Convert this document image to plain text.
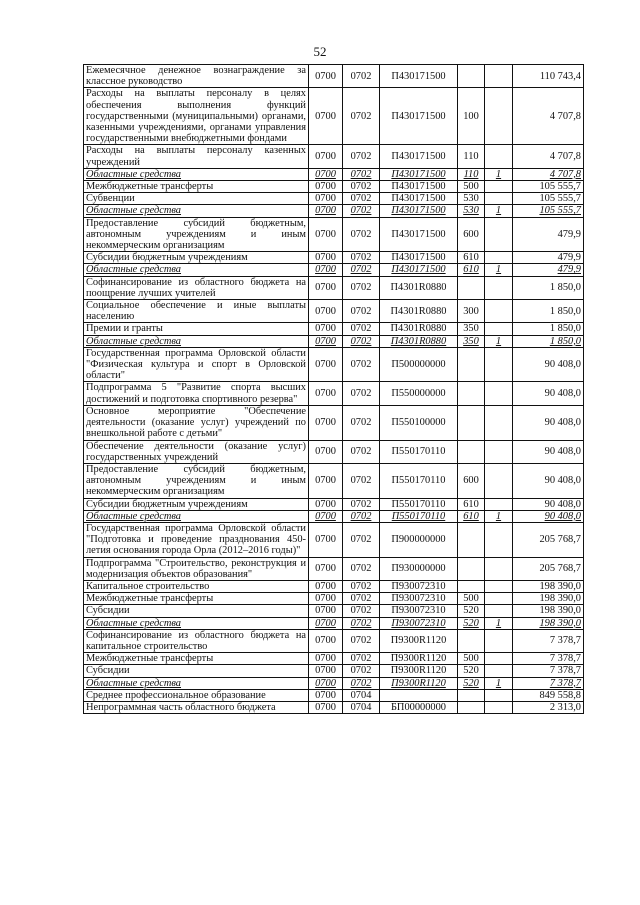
52
Ежемесячное денежное вознаграждение за классное руководство	0700	0702	П430171500			110 743,4
Расходы на выплаты персоналу в целях обеспечения выполнения функций государственными (муниципальными) органами, казенными учреждениями, органами управления государственными внебюджетными фондами	0700	0702	П430171500	100		4 707,8
Расходы на выплаты персоналу казенных учреждений	0700	0702	П430171500	110		4 707,8
Областные средства	0700	0702	П430171500	110	1	4 707,8
Межбюджетные трансферты	0700	0702	П430171500	500		105 555,7
Субвенции	0700	0702	П430171500	530		105 555,7
Областные средства	0700	0702	П430171500	530	1	105 555,7
Предоставление субсидий бюджетным, автономным учреждениям и иным некоммерческим организациям	0700	0702	П430171500	600		479,9
Субсидии бюджетным учреждениям	0700	0702	П430171500	610		479,9
Областные средства	0700	0702	П430171500	610	1	479,9
Софинансирование из областного бюджета на поощрение лучших учителей	0700	0702	П4301R0880			1 850,0
Социальное обеспечение и иные выплаты населению	0700	0702	П4301R0880	300		1 850,0
Премии и гранты	0700	0702	П4301R0880	350		1 850,0
Областные средства	0700	0702	П4301R0880	350	1	1 850,0
Государственная программа Орловской области "Физическая культура и спорт в Орловской области"	0700	0702	П500000000			90 408,0
Подпрограмма 5 "Развитие спорта высших достижений и подготовка спортивного резерва"	0700	0702	П550000000			90 408,0
Основное мероприятие "Обеспечение деятельности (оказание услуг) учреждений по внешкольной работе с детьми"	0700	0702	П550100000			90 408,0
Обеспечение деятельности (оказание услуг) государственных учреждений	0700	0702	П550170110			90 408,0
Предоставление субсидий бюджетным, автономным учреждениям и иным некоммерческим организациям	0700	0702	П550170110	600		90 408,0
Субсидии бюджетным учреждениям	0700	0702	П550170110	610		90 408,0
Областные средства	0700	0702	П550170110	610	1	90 408,0
Государственная программа Орловской области "Подготовка и проведение празднования 450-летия основания города Орла (2012–2016 годы)"	0700	0702	П900000000			205 768,7
Подпрограмма "Строительство, реконструкция и модернизация объектов образования"	0700	0702	П930000000			205 768,7
Капитальное строительство	0700	0702	П930072310			198 390,0
Межбюджетные трансферты	0700	0702	П930072310	500		198 390,0
Субсидии	0700	0702	П930072310	520		198 390,0
Областные средства	0700	0702	П930072310	520	1	198 390,0
Софинансирование из областного бюджета на капитальное строительство	0700	0702	П9300R1120			7 378,7
Межбюджетные трансферты	0700	0702	П9300R1120	500		7 378,7
Субсидии	0700	0702	П9300R1120	520		7 378,7
Областные средства	0700	0702	П9300R1120	520	1	7 378,7
Среднее профессиональное образование	0700	0704				849 558,8
Непрограммная часть областного бюджета	0700	0704	БП00000000			2 313,0
